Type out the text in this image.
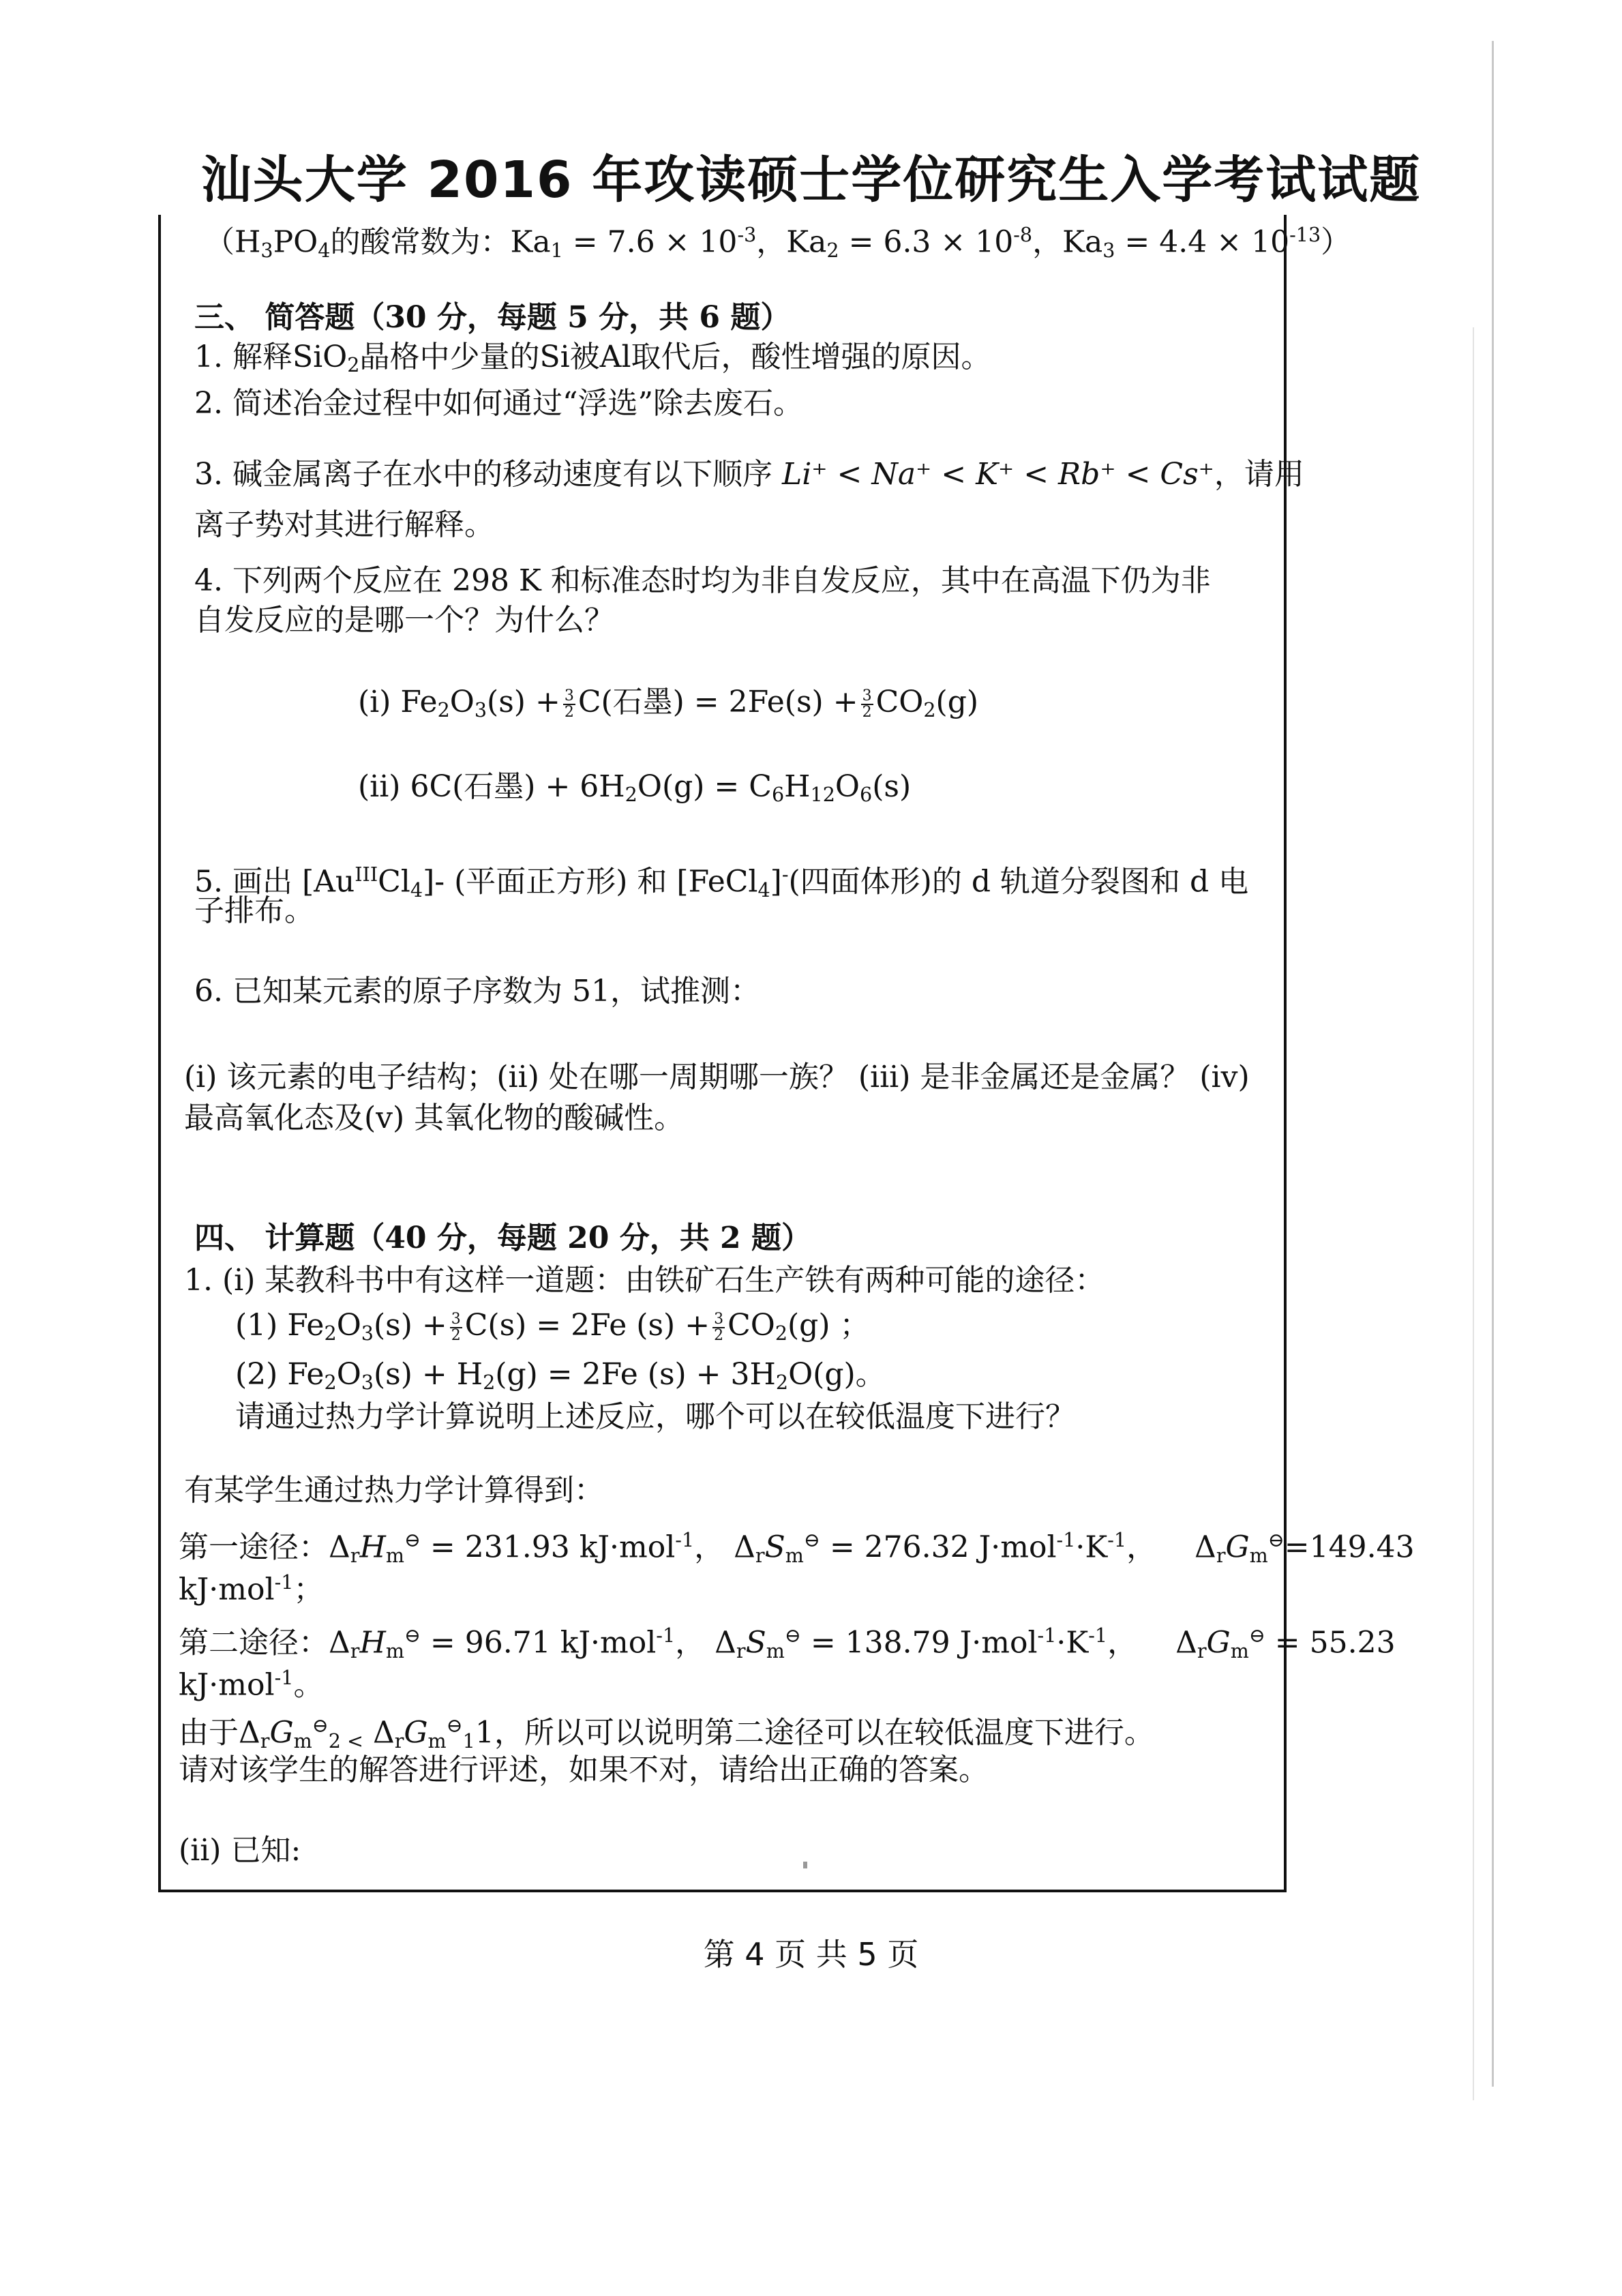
汕头大学 2016 年攻读硕士学位研究生入学考试试题
（$H_3PO_4$的酸常数为：$Ka_1 = 7.6 \times 10^{-3}$，$Ka_2 = 6.3 \times 10^{-8}$，$Ka_3 = 4.4 \times 10^{-13}$）
三、 简答题（30 分，每题 5 分，共 6 题）
1. 解释SiO$_2$晶格中少量的Si被Al取代后，酸性增强的原因。
2. 简述冶金过程中如何通过“浮选”除去废石。
3. 碱金属离子在水中的移动速度有以下顺序 Li⁺ < Na⁺ < K⁺ < Rb⁺ < Cs⁺，请用
离子势对其进行解释。
4. 下列两个反应在 298 K 和标准态时均为非自发反应，其中在高温下仍为非
自发反应的是哪一个？为什么？
(i) $Fe_2O_3(s) + \frac{3}{2} C$(石墨) = $2Fe(s) + \frac{3}{2} CO_2(g)$
(ii) 6C(石墨) + $6H_2O(g) = C_6H_{12}O_6(s)$
5. 画出 $[Au^{III}Cl_4]-$ (平面正方形) 和 [FeCl$_4$]-(四面体形)的 d 轨道分裂图和 d 电
子排布。
6. 已知某元素的原子序数为 51，试推测：
(i) 该元素的电子结构；(ii) 处在哪一周期哪一族？ (iii) 是非金属还是金属？ (iv)
最高氧化态及(v) 其氧化物的酸碱性。
四、 计算题（40 分，每题 20 分，共 2 题）
1. (i) 某教科书中有这样一道题：由铁矿石生产铁有两种可能的途径：
(1) $Fe_2O_3(s) + \frac{3}{2} C(s) = 2Fe$ $(s) + \frac{3}{2} CO_2(g)$ ；
(2) $Fe_2O_3(s) + H_2(g) = 2Fe$ $(s) + 3H_2O(g)$。
请通过热力学计算说明上述反应，哪个可以在较低温度下进行？
有某学生通过热力学计算得到：
第一途径：$\Delta_rH_m^⊖ = 231.93$ kJ·mol$^{-1}$， $\Delta_rS_m^⊖ = 276.32$ $J\cdot mol^{-1}\cdot K^{-1}$，    $\Delta_rG_m^⊖=149.43$
kJ·mol$^{-1}$；
第二途径：$\Delta_rH_m^⊖ = 96.71$ kJ·mol$^{-1}$， $\Delta_rS_m^⊖ = 138.79$ $J\cdot mol^{-1}\cdot K^{-1}$，    $\Delta_rG_m^⊖ = 55.23$
kJ·mol$^{-1}$。
由于$\Delta_rG_m^⊖_{2 <}$ $\Delta_rG_m^⊖_11$，所以可以说明第二途径可以在较低温度下进行。
请对该学生的解答进行评述，如果不对，请给出正确的答案。
(ii) 已知:
第 4 页 共 5 页
